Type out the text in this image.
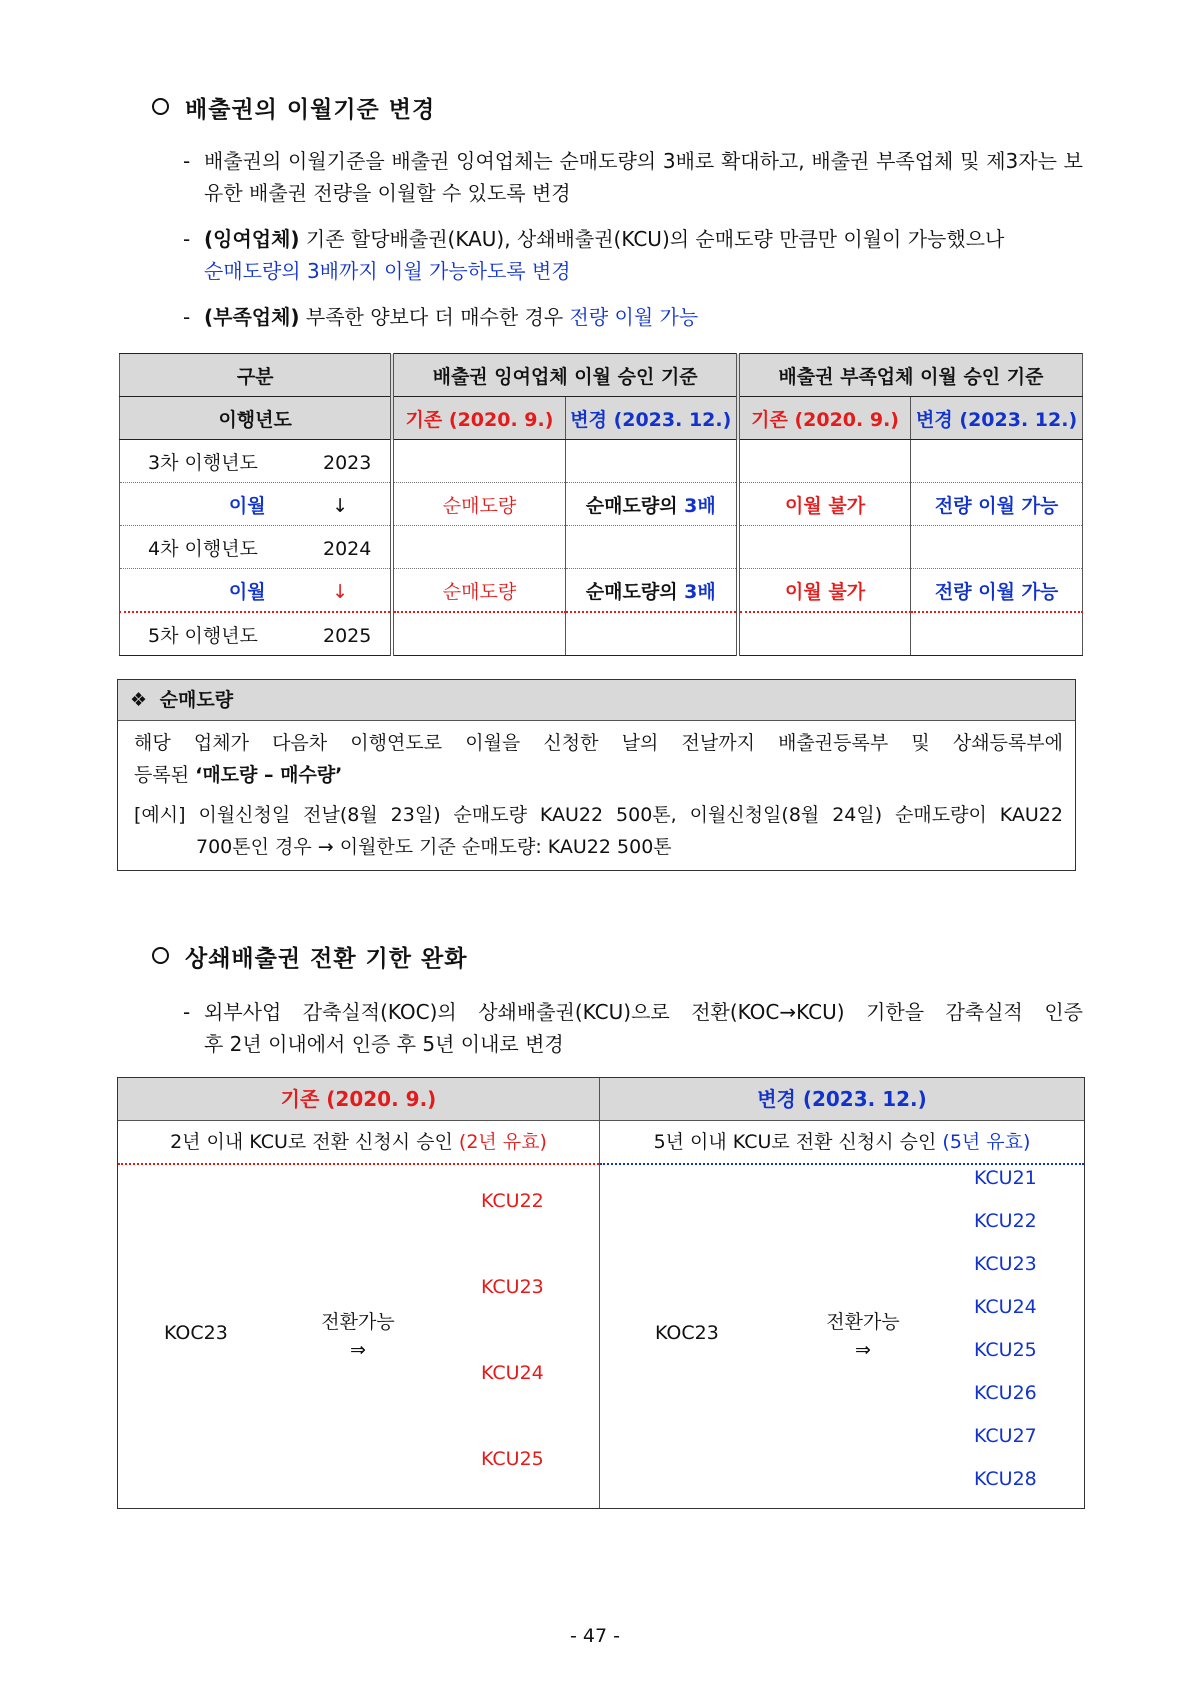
배출권의 이월기준 변경
- 배출권의 이월기준을 배출권 잉여업체는 순매도량의 3배로 확대하고, 배출권 부족업체 및 제3자는 보유한 배출권 전량을 이월할 수 있도록 변경
- (잉여업체) 기존 할당배출권(KAU), 상쇄배출권(KCU)의 순매도량 만큼만 이월이 가능했으나
순매도량의 3배까지 이월 가능하도록 변경
- (부족업체) 부족한 양보다 더 매수한 경우 전량 이월 가능
구분	배출권 잉여업체 이월 승인 기준		배출권 부족업체 이월 승인 기준	
이행년도	기존 (2020. 9.)	변경 (2023. 12.)	기존 (2020. 9.)	변경 (2023. 12.)
3차 이행년도 2023				
이월 ↓	순매도량	순매도량의 3배	이월 불가	전량 이월 가능
4차 이행년도 2024				
이월 ↓	순매도량	순매도량의 3배	이월 불가	전량 이월 가능
5차 이행년도 2025				
❖ 순매도량
해당 업체가 다음차 이행연도로 이월을 신청한 날의 전날까지 배출권등록부 및 상쇄등록부에
등록된 ‘매도량 – 매수량’
[예시] 이월신청일 전날(8월 23일) 순매도량 KAU22 500톤, 이월신청일(8월 24일) 순매도량이 KAU22
700톤인 경우 → 이월한도 기준 순매도량: KAU22 500톤
상쇄배출권 전환 기한 완화
- 외부사업 감축실적(KOC)의 상쇄배출권(KCU)으로 전환(KOC→KCU) 기한을 감축실적 인증
후 2년 이내에서 인증 후 5년 이내로 변경
기존 (2020. 9.)
2년 이내 KCU로 전환 신청시 승인 (2년 유효)
KOC23	전환가능
⇒
KCU22
KCU23
KCU24
KCU25
변경 (2023. 12.)
5년 이내 KCU로 전환 신청시 승인 (5년 유효)
KOC23	전환가능
⇒
KCU21
KCU22
KCU23
KCU24
KCU25
KCU26
KCU27
KCU28
- 47 -
